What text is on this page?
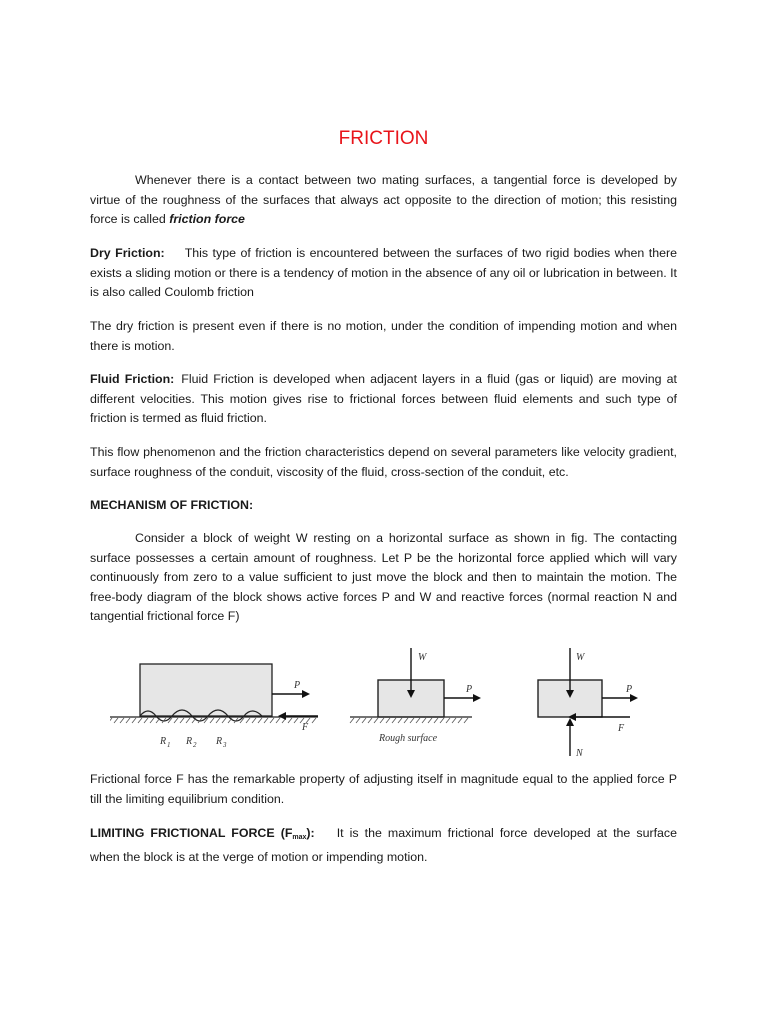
FRICTION

Whenever there is a contact between two mating surfaces, a tangential force is developed by virtue of the roughness of the surfaces that always act opposite to the direction of motion; this resisting force is called friction force

Dry Friction: This type of friction is encountered between the surfaces of two rigid bodies when there exists a sliding motion or there is a tendency of motion in the absence of any oil or lubrication in between. It is also called Coulomb friction

The dry friction is present even if there is no motion, under the condition of impending motion and when there is motion.

Fluid Friction: Fluid Friction is developed when adjacent layers in a fluid (gas or liquid) are moving at different velocities. This motion gives rise to frictional forces between fluid elements and such type of friction is termed as fluid friction.

This flow phenomenon and the friction characteristics depend on several parameters like velocity gradient, surface roughness of the conduit, viscosity of the fluid, cross-section of the conduit, etc.

MECHANISM OF FRICTION:

Consider a block of weight W resting on a horizontal surface as shown in fig. The contacting surface possesses a certain amount of roughness. Let P be the horizontal force applied which will vary continuously from zero to a value sufficient to just move the block and then to maintain the motion. The free-body diagram of the block shows active forces P and W and reactive forces (normal reaction N and tangential frictional force F)

Frictional force F has the remarkable property of adjusting itself in magnitude equal to the applied force P till the limiting equilibrium condition.

LIMITING FRICTIONAL FORCE $(F_{max})$: It is the maximum frictional force developed at the surface when the block is at the verge of motion or impending motion.

P
F
R 1 R 2 R 3
W
P
Rough surface
W
P
F
N
